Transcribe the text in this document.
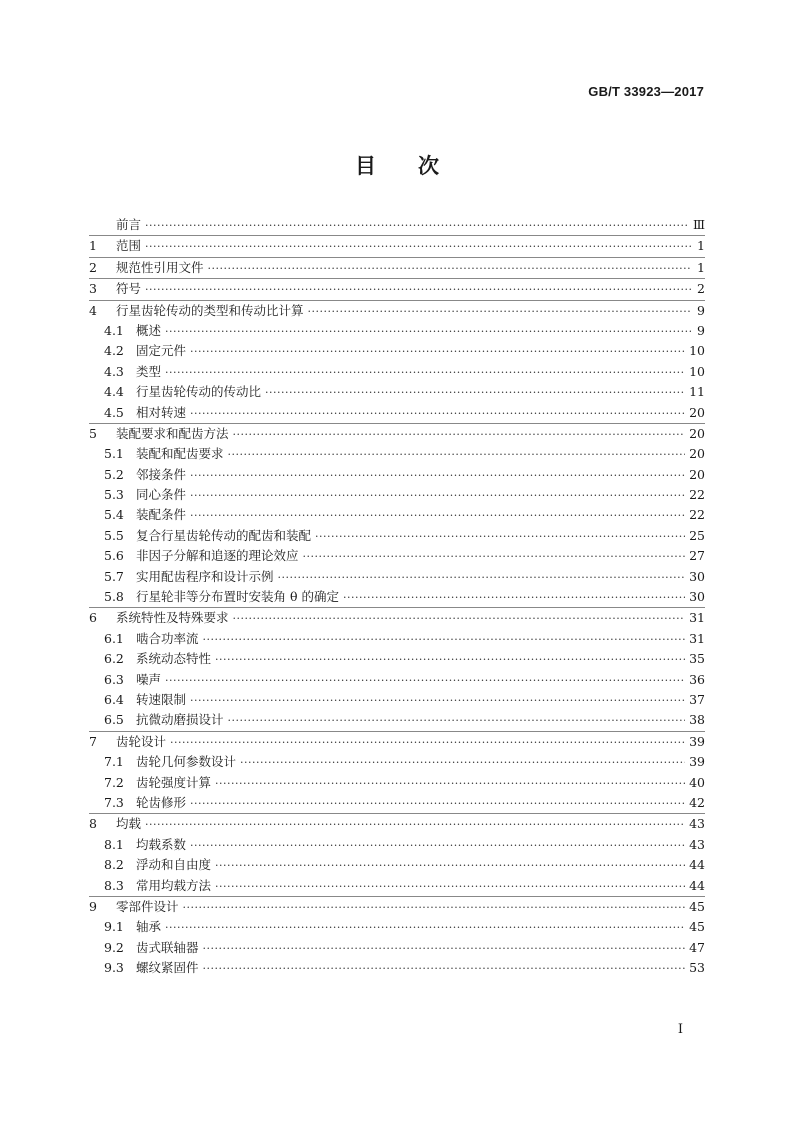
GB/T 33923—2017
目　　次
前言 ·····	Ⅲ
1	范围 ·····	1
2	规范性引用文件 ·····	1
3	符号 ·····	2
4	行星齿轮传动的类型和传动比计算 ·····	9
4.1 概述 ·····	9
4.2 固定元件 ·····	10
4.3 类型 ·····	10
4.4 行星齿轮传动的传动比 ·····	11
4.5 相对转速 ·····	20
5	装配要求和配齿方法 ·····	20
5.1 装配和配齿要求 ·····	20
5.2 邻接条件 ·····	20
5.3 同心条件 ·····	22
5.4 装配条件 ·····	22
5.5 复合行星齿轮传动的配齿和装配 ·····	25
5.6 非因子分解和追逐的理论效应 ·····	27
5.7 实用配齿程序和设计示例 ·····	30
5.8 行星轮非等分布置时安装角 θ 的确定 ·····	30
6	系统特性及特殊要求 ·····	31
6.1 啮合功率流 ·····	31
6.2 系统动态特性 ·····	35
6.3 噪声 ·····	36
6.4 转速限制 ·····	37
6.5 抗微动磨损设计 ·····	38
7	齿轮设计 ·····	39
7.1 齿轮几何参数设计 ·····	39
7.2 齿轮强度计算 ·····	40
7.3 轮齿修形 ·····	42
8	均载 ·····	43
8.1 均载系数 ·····	43
8.2 浮动和自由度 ·····	44
8.3 常用均载方法 ·····	44
9	零部件设计 ·····	45
9.1 轴承 ·····	45
9.2 齿式联轴器 ·····	47
9.3 螺纹紧固件 ·····	53
I
